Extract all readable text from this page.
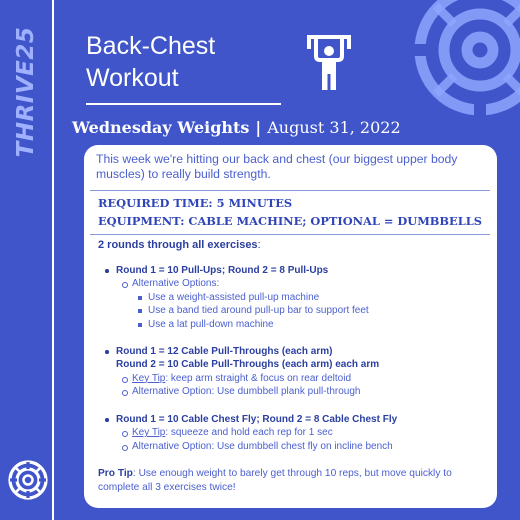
THRIVE25 Back-Chest
Workout
Wednesday Weights | August 31, 2022
This week we're hitting our back and chest (our biggest upper body muscles) to really build strength.
REQUIRED TIME: 5 MINUTES
EQUIPMENT: CABLE MACHINE; OPTIONAL = DUMBBELLS
2 rounds through all exercises:
Round 1 = 10 Pull-Ups; Round 2 = 8 Pull-Ups
Alternative Options:
Use a weight-assisted pull-up machine
Use a band tied around pull-up bar to support feet
Use a lat pull-down machine
Round 1 = 12 Cable Pull-Throughs (each arm)
Round 2 = 10 Cable Pull-Throughs (each arm) each arm
Key Tip: keep arm straight & focus on rear deltoid
Alternative Option: Use dumbbell plank pull-through
Round 1 = 10 Cable Chest Fly; Round 2 = 8 Cable Chest Fly
Key Tip: squeeze and hold each rep for 1 sec
Alternative Option: Use dumbbell chest fly on incline bench
Pro Tip: Use enough weight to barely get through 10 reps, but move quickly to complete all 3 exercises twice!
